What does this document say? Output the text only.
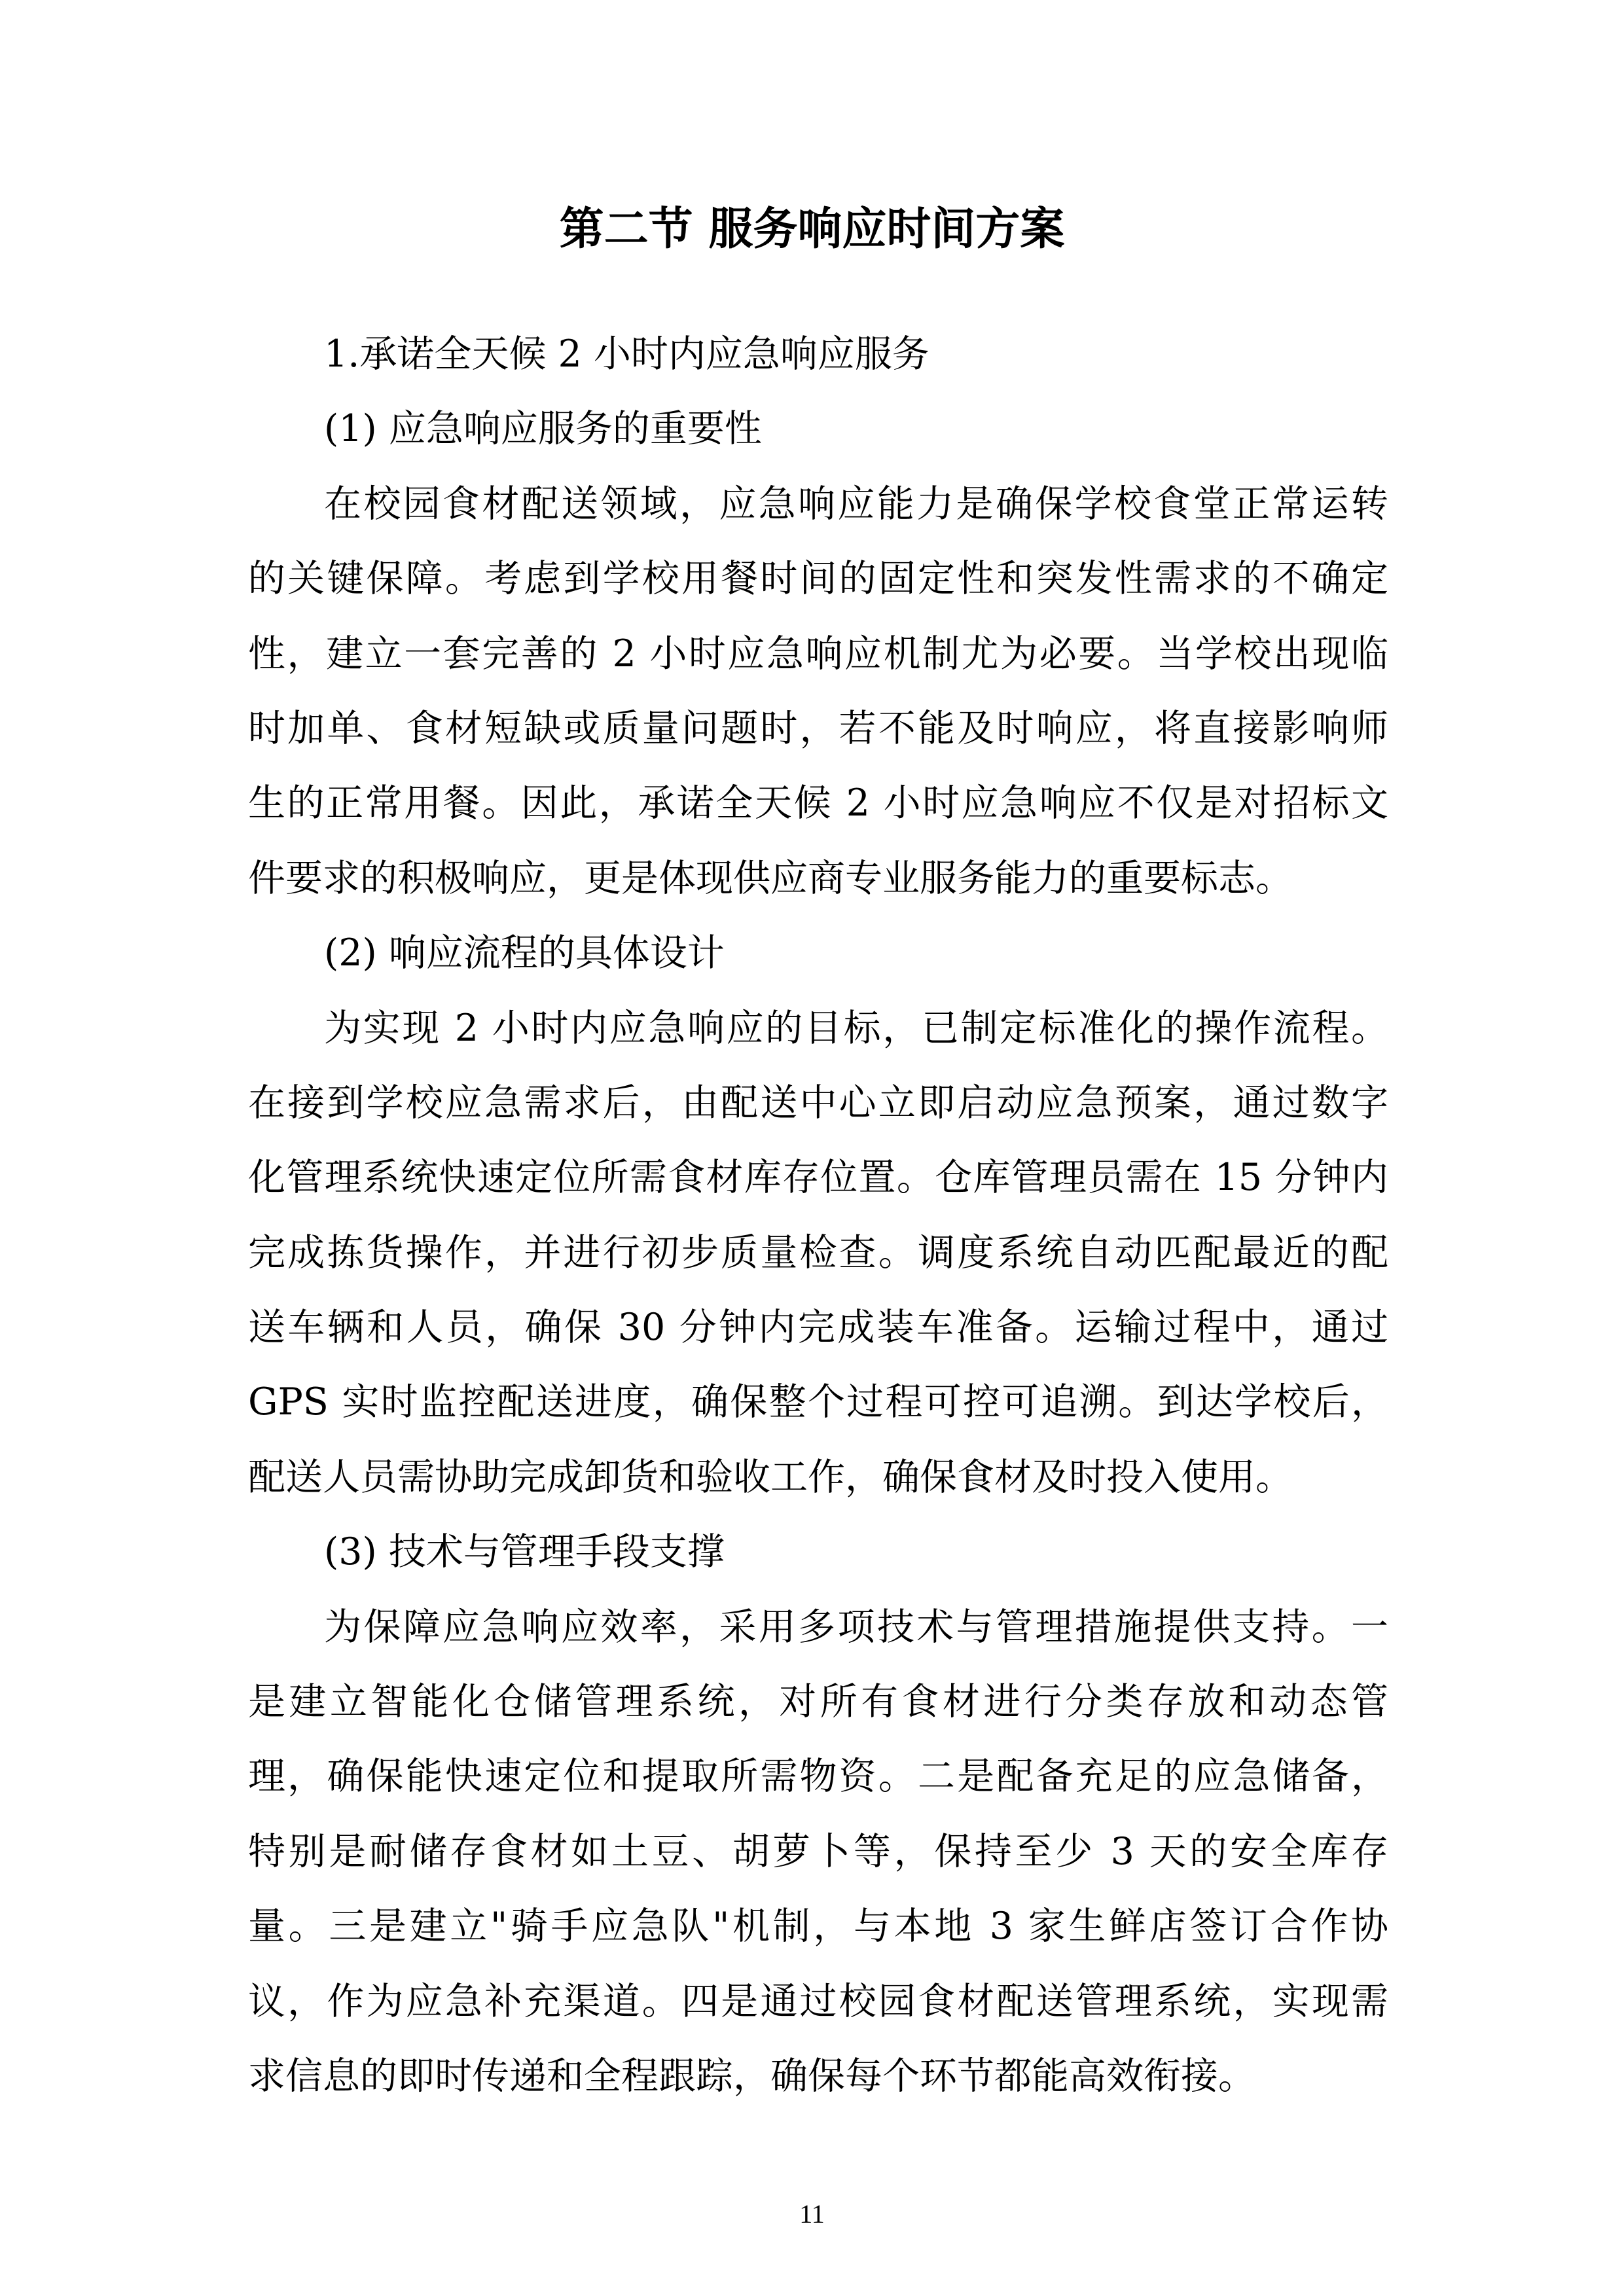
第二节 服务响应时间方案
1.承诺全天候 2 小时内应急响应服务
(1) 应急响应服务的重要性
在校园食材配送领域，应急响应能力是确保学校食堂正常运转
的关键保障。考虑到学校用餐时间的固定性和突发性需求的不确定
性，建立一套完善的 2 小时应急响应机制尤为必要。当学校出现临
时加单、食材短缺或质量问题时，若不能及时响应，将直接影响师
生的正常用餐。因此，承诺全天候 2 小时应急响应不仅是对招标文
件要求的积极响应，更是体现供应商专业服务能力的重要标志。
(2) 响应流程的具体设计
为实现 2 小时内应急响应的目标，已制定标准化的操作流程。
在接到学校应急需求后，由配送中心立即启动应急预案，通过数字
化管理系统快速定位所需食材库存位置。仓库管理员需在 15 分钟内
完成拣货操作，并进行初步质量检查。调度系统自动匹配最近的配
送车辆和人员，确保 30 分钟内完成装车准备。运输过程中，通过
GPS 实时监控配送进度，确保整个过程可控可追溯。到达学校后，
配送人员需协助完成卸货和验收工作，确保食材及时投入使用。
(3) 技术与管理手段支撑
为保障应急响应效率，采用多项技术与管理措施提供支持。一
是建立智能化仓储管理系统，对所有食材进行分类存放和动态管
理，确保能快速定位和提取所需物资。二是配备充足的应急储备，
特别是耐储存食材如土豆、胡萝卜等，保持至少 3 天的安全库存
量。三是建立"骑手应急队"机制，与本地 3 家生鲜店签订合作协
议，作为应急补充渠道。四是通过校园食材配送管理系统，实现需
求信息的即时传递和全程跟踪，确保每个环节都能高效衔接。
11
